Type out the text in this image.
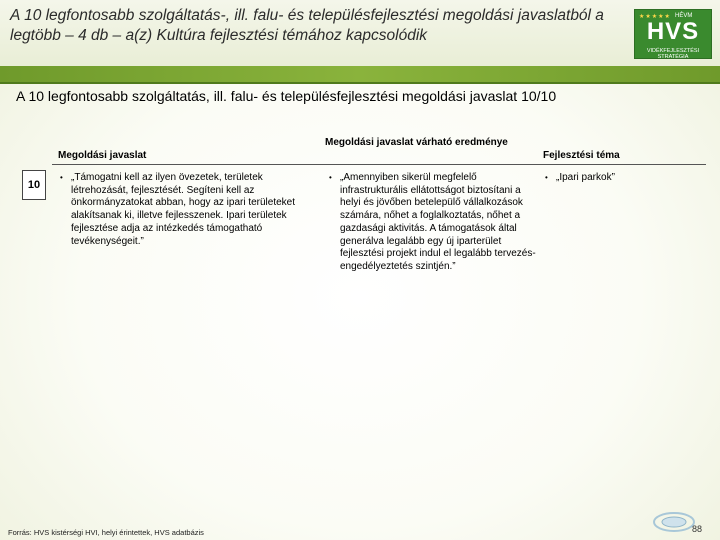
A 10 legfontosabb szolgáltatás-, ill. falu- és településfejlesztési megoldási javaslatból a legtöbb – 4 db – a(z) Kultúra fejlesztési témához kapcsolódik
★★★★★ HÉVM
HVS
VIDÉKFEJLESZTÉSI STRATÉGIA
A 10 legfontosabb szolgáltatás, ill. falu- és településfejlesztési megoldási javaslat 10/10
Megoldási javaslat
Megoldási javaslat várható eredménye
Fejlesztési téma
10
• „Támogatni kell az ilyen övezetek, területek létrehozását, fejlesztését. Segíteni kell az önkormányzatokat abban, hogy az ipari területeket alakítsanak ki, illetve fejlesszenek. Ipari területek fejlesztése adja az intézkedés támogatható tevékenységeit.”
• „Amennyiben sikerül megfelelő infrastrukturális ellátottságot biztosítani a helyi és jövőben betelepülő vállalkozások számára, nőhet a foglalkoztatás, nőhet a gazdasági aktivitás. A támogatások által generálva legalább egy új iparterület fejlesztési projekt indul el legalább tervezés-engedélyeztetés szintjén.”
• „Ipari parkok”
Forrás: HVS kistérségi HVI, helyi érintettek, HVS adatbázis	88
